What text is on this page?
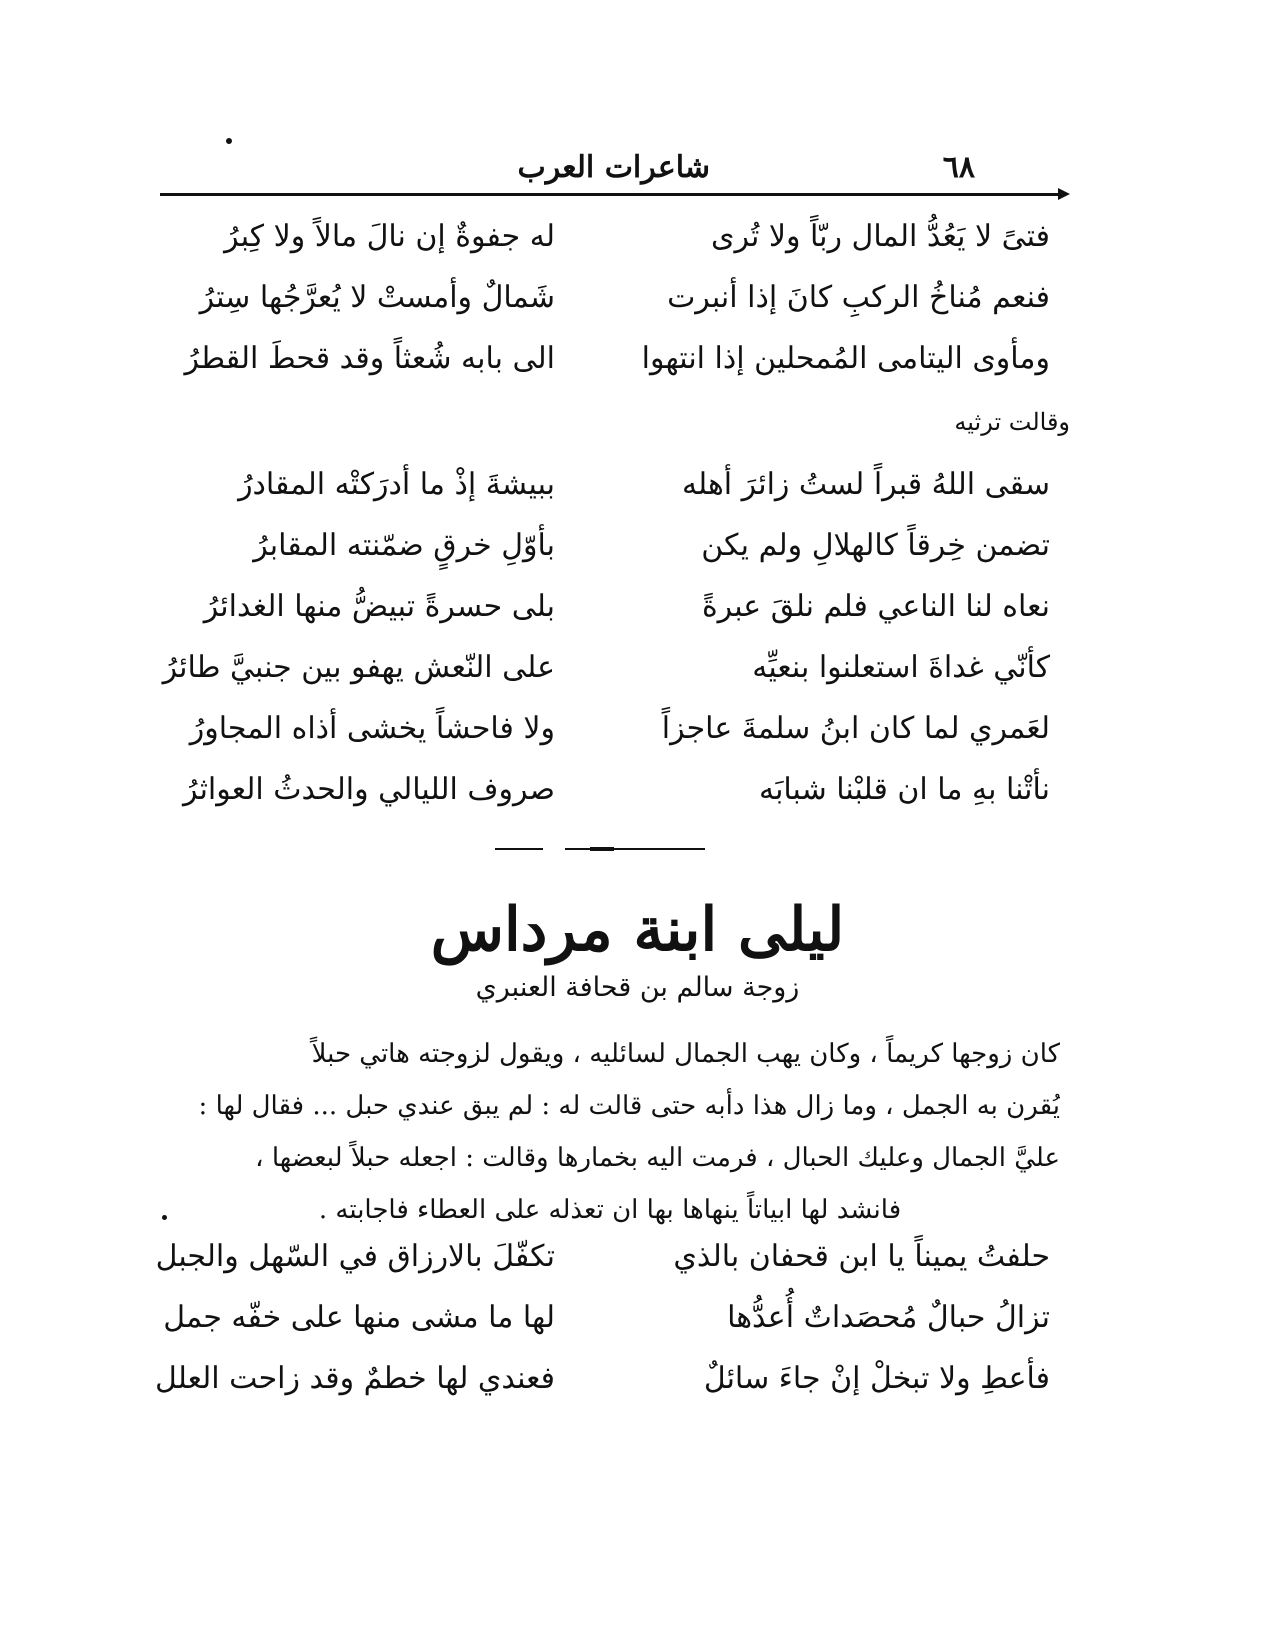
٦٨
شاعرات العرب
فتىً لا يَعُدُّ المال ربّاً ولا تُرى
له جفوةٌ إن نالَ مالاً ولا كِبرُ
فنعم مُناخُ الركبِ كانَ إذا أنبرت
شَمالٌ وأمستْ لا يُعرَّجُها سِترُ
ومأوى اليتامى المُمحلين إذا انتهوا
الى بابه شُعثاً وقد قحطَ القطرُ
وقالت ترثيه
سقى اللهُ قبراً لستُ زائرَ أهله
ببيشةَ إذْ ما أدرَكتْه المقادرُ
تضمن خِرقاً كالهلالِ ولم يكن
بأوّلِ خرقٍ ضمّنته المقابرُ
نعاه لنا الناعي فلم نلقَ عبرةً
بلى حسرةً تبيضُّ منها الغدائرُ
كأنّي غداةَ استعلنوا بنعيِّه
على النّعش يهفو بين جنبيَّ طائرُ
لعَمري لما كان ابنُ سلمةَ عاجزاً
ولا فاحشاً يخشى أذاه المجاورُ
نأتْنا بهِ ما ان قلبْنا شبابَه
صروف الليالي والحدثُ العواثرُ
ليلى ابنة مرداس
زوجة سالم بن قحافة العنبري
كان زوجها كريماً ، وكان يهب الجمال لسائليه ، ويقول لزوجته هاتي حبلاً
يُقرن به الجمل ، وما زال هذا دأبه حتى قالت له : لم يبق عندي حبل ... فقال لها :
عليَّ الجمال وعليك الحبال ، فرمت اليه بخمارها وقالت : اجعله حبلاً لبعضها ،
فانشد لها ابياتاً ينهاها بها ان تعذله على العطاء فاجابته .
حلفتُ يميناً يا ابن قحفان بالذي
تكفّلَ بالارزاق في السّهل والجبل
تزالُ حبالٌ مُحصَداتٌ أُعدُّها
لها ما مشى منها على خفّه جمل
فأعطِ ولا تبخلْ إنْ جاءَ سائلٌ
فعندي لها خطمٌ وقد زاحت العلل
